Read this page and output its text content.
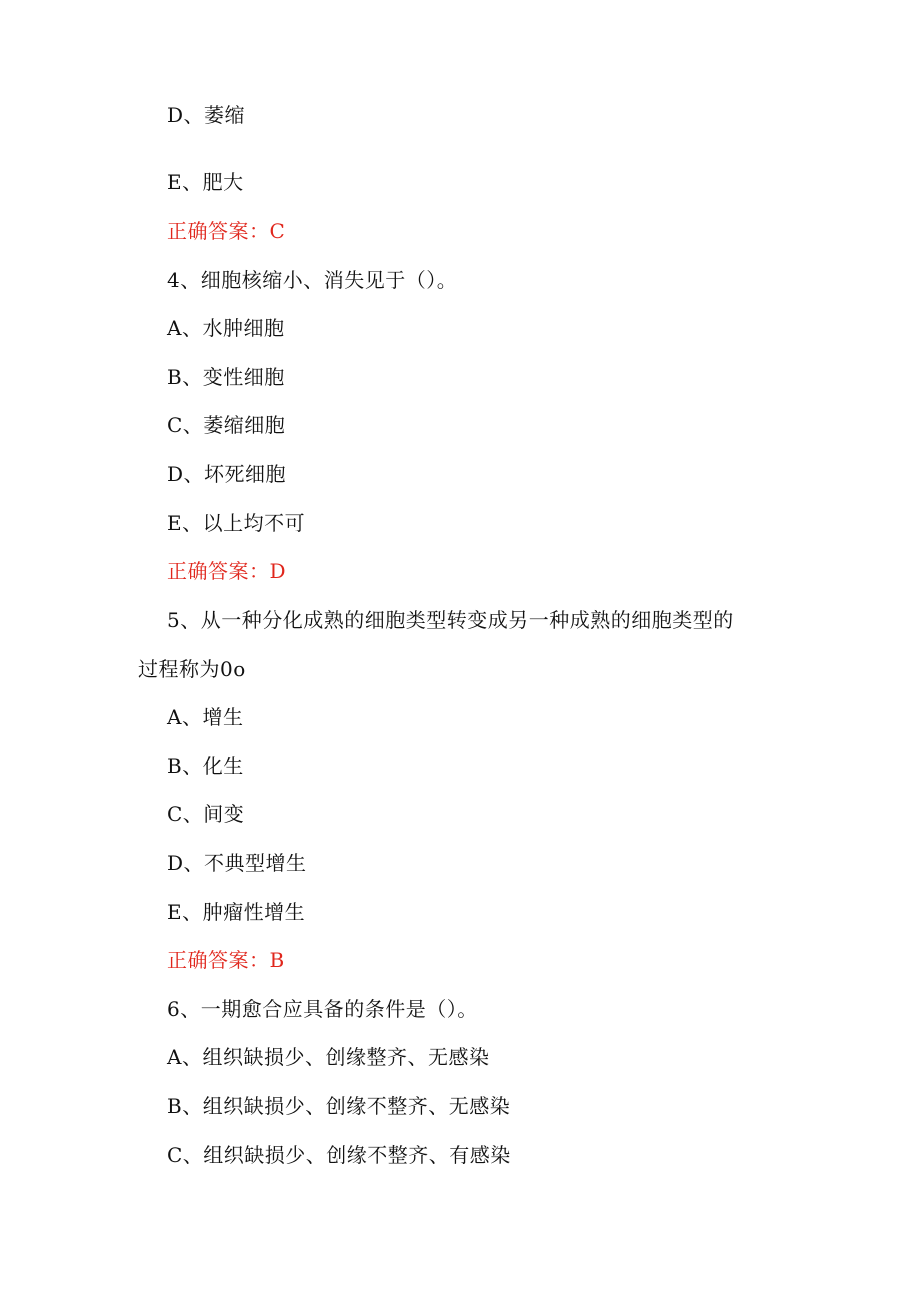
D、萎缩
E、肥大
正确答案：C
4、细胞核缩小、消失见于（）。
A、水肿细胞
B、变性细胞
C、萎缩细胞
D、坏死细胞
E、以上均不可
正确答案：D
5、从一种分化成熟的细胞类型转变成另一种成熟的细胞类型的
过程称为0o
A、增生
B、化生
C、间变
D、不典型增生
E、肿瘤性增生
正确答案：B
6、一期愈合应具备的条件是（）。
A、组织缺损少、创缘整齐、无感染
B、组织缺损少、创缘不整齐、无感染
C、组织缺损少、创缘不整齐、有感染
